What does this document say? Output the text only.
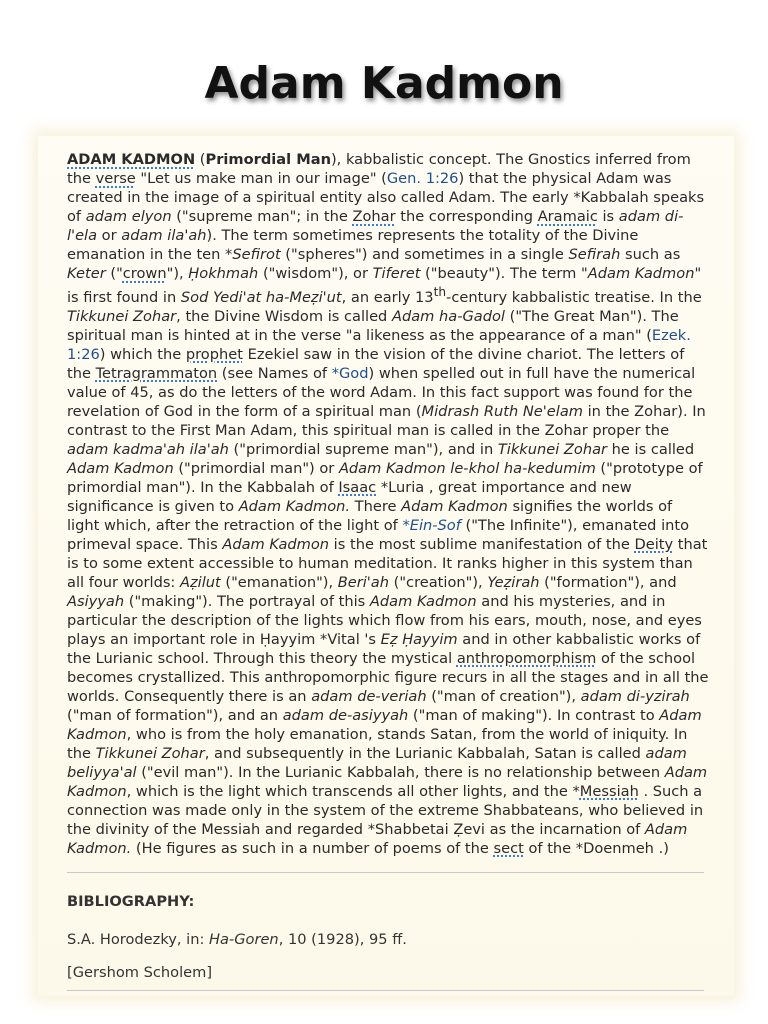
Adam Kadmon

ADAM KADMON (Primordial Man), kabbalistic concept. The Gnostics inferred from the verse "Let us make man in our image" (Gen. 1:26) that the physical Adam was created in the image of a spiritual entity also called Adam. The early *Kabbalah speaks of adam elyon ("supreme man"; in the Zohar the corresponding Aramaic is adam di-l'ela or adam ila'ah). The term sometimes represents the totality of the Divine emanation in the ten *Sefirot ("spheres") and sometimes in a single Sefirah such as Keter ("crown"), Ḥokhmah ("wisdom"), or Tiferet ("beauty"). The term "Adam Kadmon" is first found in Sod Yedi'at ha-Meẓi'ut, an early 13th-century kabbalistic treatise. In the Tikkunei Zohar, the Divine Wisdom is called Adam ha-Gadol ("The Great Man"). The spiritual man is hinted at in the verse "a likeness as the appearance of a man" (Ezek. 1:26) which the prophet Ezekiel saw in the vision of the divine chariot. The letters of the Tetragrammaton (see Names of *God) when spelled out in full have the numerical value of 45, as do the letters of the word Adam. In this fact support was found for the revelation of God in the form of a spiritual man (Midrash Ruth Ne'elam in the Zohar). In contrast to the First Man Adam, this spiritual man is called in the Zohar proper the adam kadma'ah ila'ah ("primordial supreme man"), and in Tikkunei Zohar he is called Adam Kadmon ("primordial man") or Adam Kadmon le-khol ha-kedumim ("prototype of primordial man"). In the Kabbalah of Isaac *Luria , great importance and new significance is given to Adam Kadmon. There Adam Kadmon signifies the worlds of light which, after the retraction of the light of *Ein-Sof ("The Infinite"), emanated into primeval space. This Adam Kadmon is the most sublime manifestation of the Deity that is to some extent accessible to human meditation. It ranks higher in this system than all four worlds: Aẓilut ("emanation"), Beri'ah ("creation"), Yeẓirah ("formation"), and Asiyyah ("making"). The portrayal of this Adam Kadmon and his mysteries, and in particular the description of the lights which flow from his ears, mouth, nose, and eyes plays an important role in Ḥayyim *Vital 's Eẓ Ḥayyim and in other kabbalistic works of the Lurianic school. Through this theory the mystical anthropomorphism of the school becomes crystallized. This anthropomorphic figure recurs in all the stages and in all the worlds. Consequently there is an adam de-veriah ("man of creation"), adam di-yzirah ("man of formation"), and an adam de-asiyyah ("man of making"). In contrast to Adam Kadmon, who is from the holy emanation, stands Satan, from the world of iniquity. In the Tikkunei Zohar, and subsequently in the Lurianic Kabbalah, Satan is called adam beliyya'al ("evil man"). In the Lurianic Kabbalah, there is no relationship between Adam Kadmon, which is the light which transcends all other lights, and the *Messiah . Such a connection was made only in the system of the extreme Shabbateans, who believed in the divinity of the Messiah and regarded *Shabbetai Ẓevi as the incarnation of Adam Kadmon. (He figures as such in a number of poems of the sect of the *Doenmeh .)

BIBLIOGRAPHY:

S.A. Horodezky, in: Ha-Goren, 10 (1928), 95 ff.

[Gershom Scholem]
